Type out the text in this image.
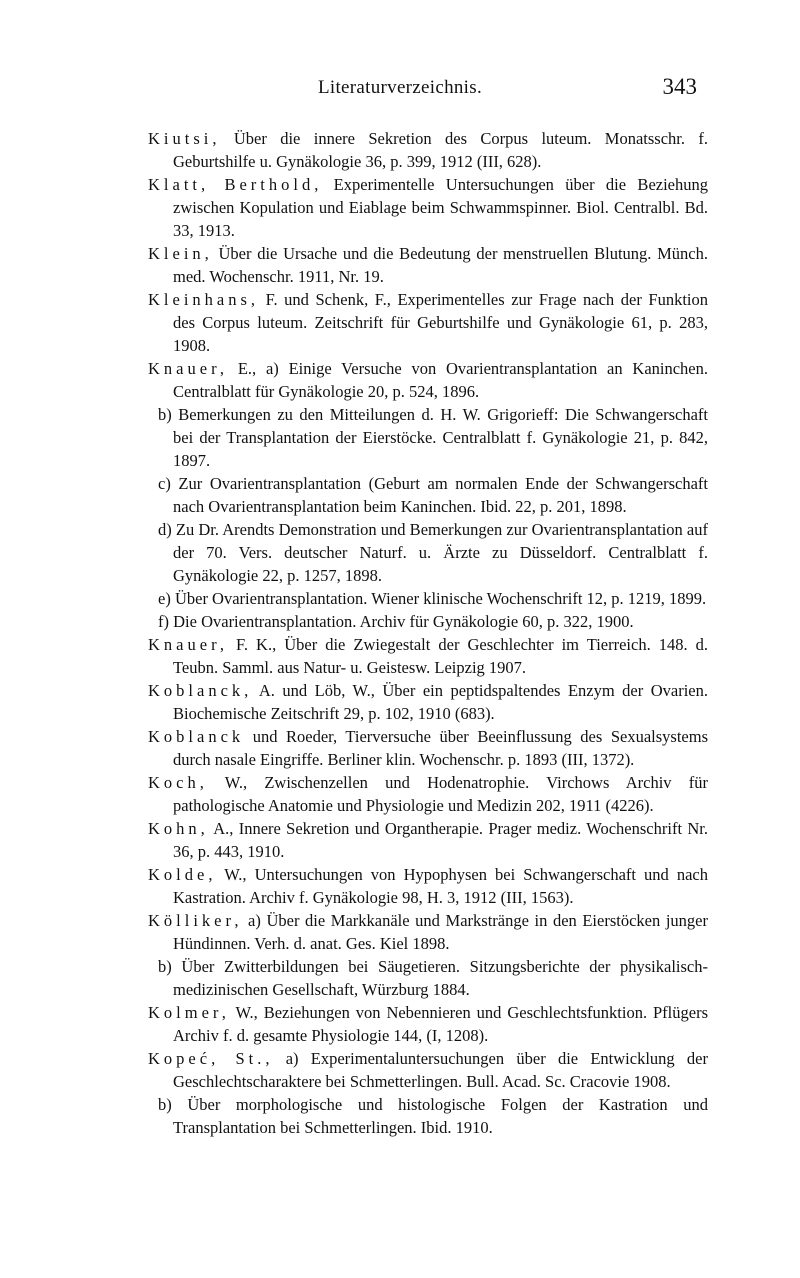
Literaturverzeichnis.	343

Kiutsi, Über die innere Sekretion des Corpus luteum. Monatsschr. f. Geburtshilfe u. Gynäkologie 36, p. 399, 1912 (III, 628).

Klatt, Berthold, Experimentelle Untersuchungen über die Beziehung zwischen Kopulation und Eiablage beim Schwammspinner. Biol. Centralbl. Bd. 33, 1913.

Klein, Über die Ursache und die Bedeutung der menstruellen Blutung. Münch. med. Wochenschr. 1911, Nr. 19.

Kleinhans, F. und Schenk, F., Experimentelles zur Frage nach der Funktion des Corpus luteum. Zeitschrift für Geburtshilfe und Gynäkologie 61, p. 283, 1908.

Knauer, E., a) Einige Versuche von Ovarientransplantation an Kaninchen. Centralblatt für Gynäkologie 20, p. 524, 1896.

b) Bemerkungen zu den Mitteilungen d. H. W. Grigorieff: Die Schwangerschaft bei der Transplantation der Eierstöcke. Centralblatt f. Gynäkologie 21, p. 842, 1897.

c) Zur Ovarientransplantation (Geburt am normalen Ende der Schwangerschaft nach Ovarientransplantation beim Kaninchen. Ibid. 22, p. 201, 1898.

d) Zu Dr. Arendts Demonstration und Bemerkungen zur Ovarientransplantation auf der 70. Vers. deutscher Naturf. u. Ärzte zu Düsseldorf. Centralblatt f. Gynäkologie 22, p. 1257, 1898.

e) Über Ovarientransplantation. Wiener klinische Wochenschrift 12, p. 1219, 1899.

f) Die Ovarientransplantation. Archiv für Gynäkologie 60, p. 322, 1900.

Knauer, F. K., Über die Zwiegestalt der Geschlechter im Tierreich. 148. d. Teubn. Samml. aus Natur- u. Geistesw. Leipzig 1907.

Koblanck, A. und Löb, W., Über ein peptidspaltendes Enzym der Ovarien. Biochemische Zeitschrift 29, p. 102, 1910 (683).

Koblanck und Roeder, Tierversuche über Beeinflussung des Sexualsystems durch nasale Eingriffe. Berliner klin. Wochenschr. p. 1893 (III, 1372).

Koch, W., Zwischenzellen und Hodenatrophie. Virchows Archiv für pathologische Anatomie und Physiologie und Medizin 202, 1911 (4226).

Kohn, A., Innere Sekretion und Organtherapie. Prager mediz. Wochenschrift Nr. 36, p. 443, 1910.

Kolde, W., Untersuchungen von Hypophysen bei Schwangerschaft und nach Kastration. Archiv f. Gynäkologie 98, H. 3, 1912 (III, 1563).

Kölliker, a) Über die Markkanäle und Markstränge in den Eierstöcken junger Hündinnen. Verh. d. anat. Ges. Kiel 1898.

b) Über Zwitterbildungen bei Säugetieren. Sitzungsberichte der physikalisch-medizinischen Gesellschaft, Würzburg 1884.

Kolmer, W., Beziehungen von Nebennieren und Geschlechtsfunktion. Pflügers Archiv f. d. gesamte Physiologie 144, (I, 1208).

Kopeć, St., a) Experimentaluntersuchungen über die Entwicklung der Geschlechtscharaktere bei Schmetterlingen. Bull. Acad. Sc. Cracovie 1908.

b) Über morphologische und histologische Folgen der Kastration und Transplantation bei Schmetterlingen. Ibid. 1910.
